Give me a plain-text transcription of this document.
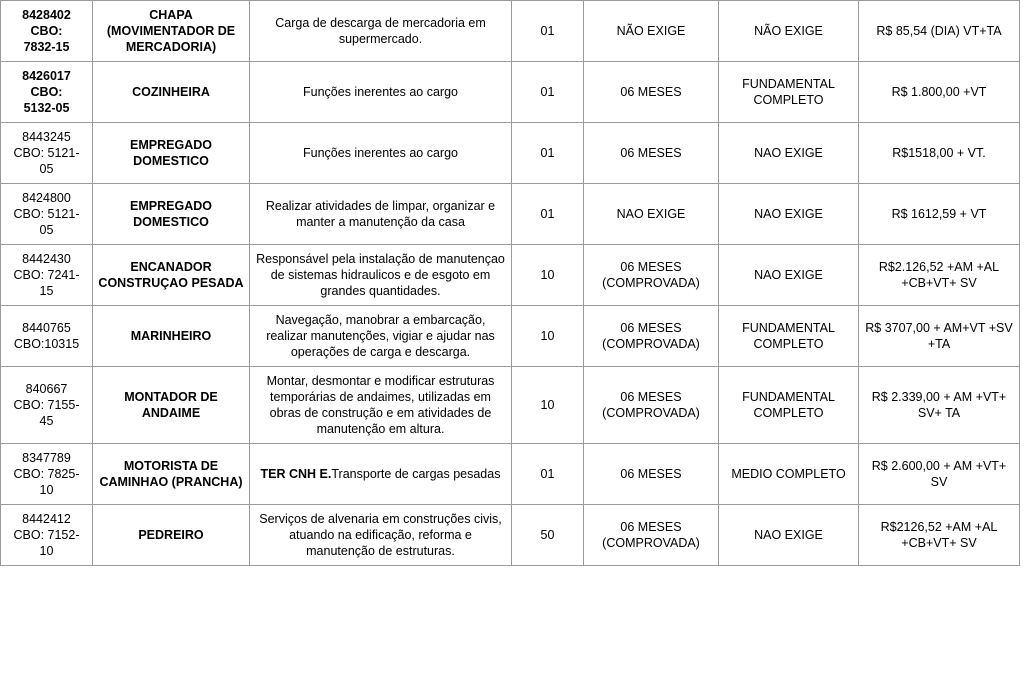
8428402
CBO:
7832-15	CHAPA (MOVIMENTADOR DE MERCADORIA)	Carga de descarga de mercadoria em supermercado.	01	NÃO EXIGE	NÃO EXIGE	R$ 85,54 (DIA) VT+TA
8426017
CBO:
5132-05	COZINHEIRA	Funções inerentes ao cargo	01	06 MESES	FUNDAMENTAL COMPLETO	R$ 1.800,00 +VT
8443245
CBO: 5121-
05	EMPREGADO DOMESTICO	Funções inerentes ao cargo	01	06 MESES	NAO EXIGE	R$1518,00 + VT.
8424800
CBO: 5121-
05	EMPREGADO DOMESTICO	Realizar atividades de limpar, organizar e manter a manutenção da casa	01	NAO EXIGE	NAO EXIGE	R$ 1612,59 + VT
8442430
CBO: 7241-
15	ENCANADOR CONSTRUÇAO PESADA	Responsável pela instalação de manutençao de sistemas hidraulicos e de esgoto em grandes quantidades.	10	06 MESES (COMPROVADA)	NAO EXIGE	R$2.126,52 +AM +AL +CB+VT+ SV
8440765
CBO:10315	MARINHEIRO	Navegação, manobrar a embarcação, realizar manutenções, vigiar e ajudar nas operações de carga e descarga.	10	06 MESES (COMPROVADA)	FUNDAMENTAL COMPLETO	R$ 3707,00 + AM+VT +SV +TA
840667
CBO: 7155-
45	MONTADOR DE ANDAIME	Montar, desmontar e modificar estruturas temporárias de andaimes, utilizadas em obras de construção e em atividades de manutenção em altura.	10	06 MESES (COMPROVADA)	FUNDAMENTAL COMPLETO	R$ 2.339,00 + AM +VT+ SV+ TA
8347789
CBO: 7825-
10	MOTORISTA DE CAMINHAO (PRANCHA)	TER CNH E.Transporte de cargas pesadas	01	06 MESES	MEDIO COMPLETO	R$ 2.600,00 + AM +VT+ SV
8442412
CBO: 7152-
10	PEDREIRO	Serviços de alvenaria em construções civis, atuando na edificação, reforma e manutenção de estruturas.	50	06 MESES (COMPROVADA)	NAO EXIGE	R$2126,52 +AM +AL +CB+VT+ SV
